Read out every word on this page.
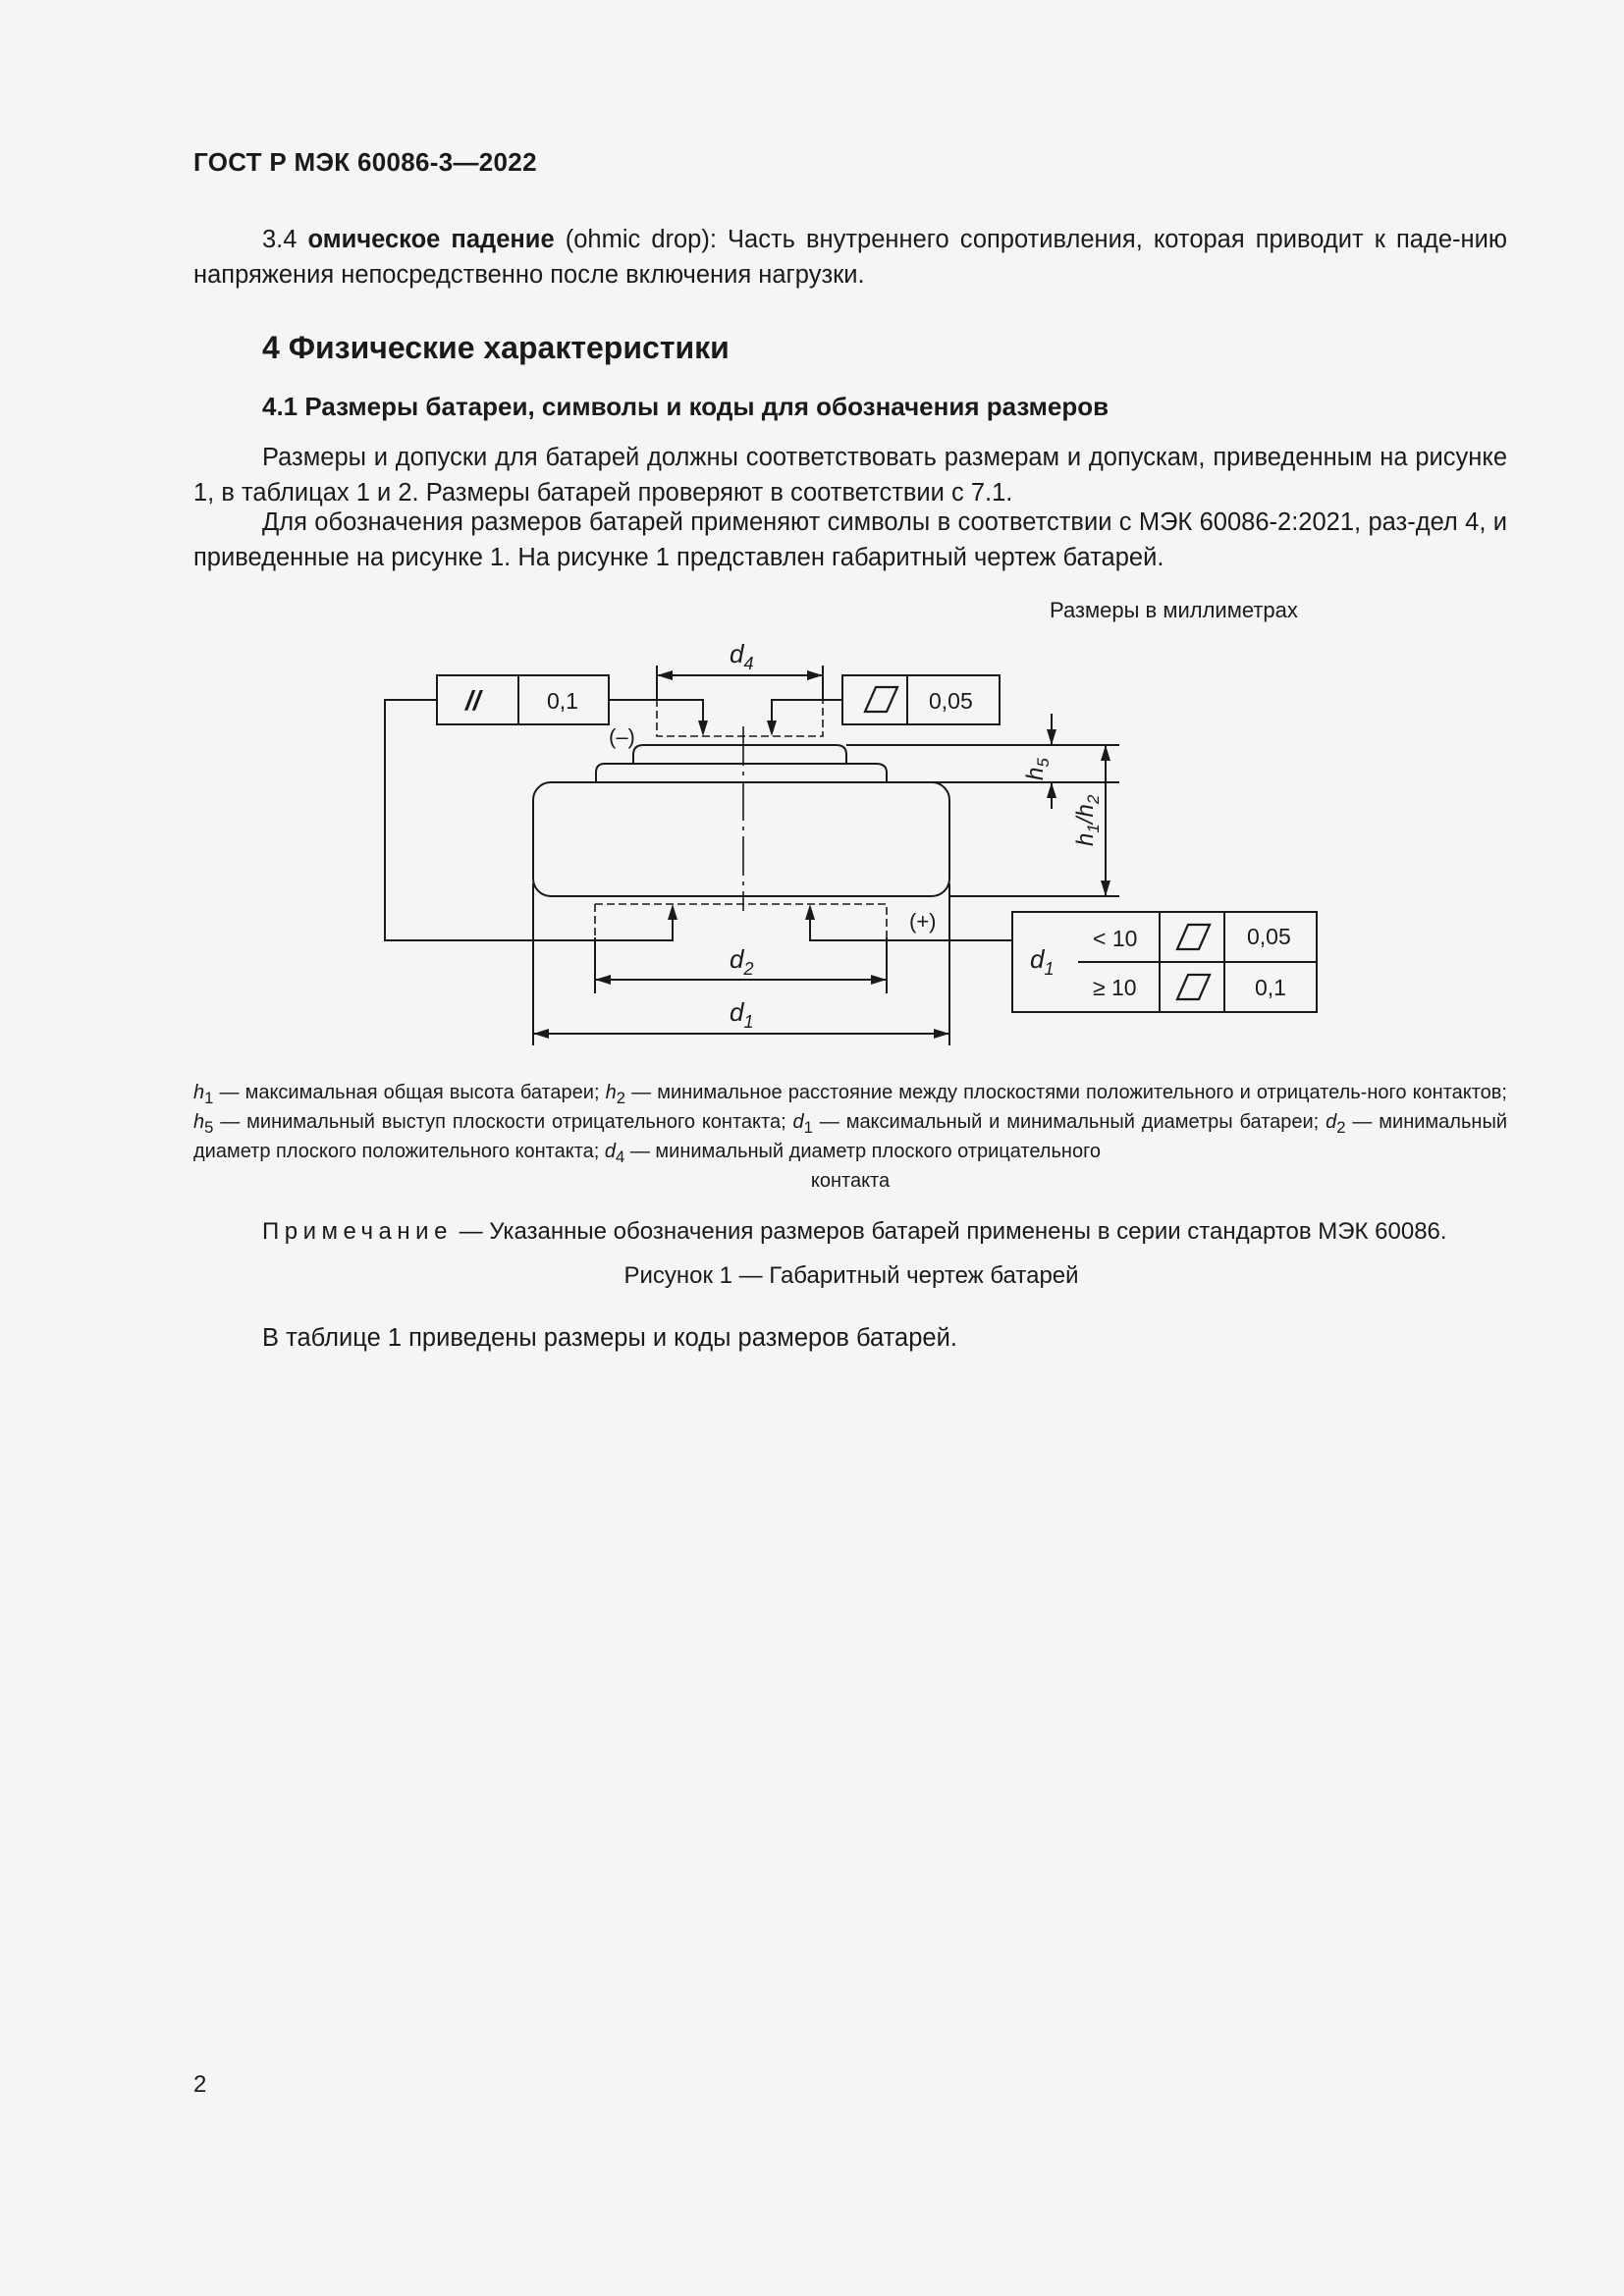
ГОСТ Р МЭК 60086-3—2022
3.4 омическое падение (ohmic drop): Часть внутреннего сопротивления, которая приводит к паде-нию напряжения непосредственно после включения нагрузки.
4 Физические характеристики
4.1 Размеры батареи, символы и коды для обозначения размеров
Размеры и допуски для батарей должны соответствовать размерам и допускам, приведенным на рисунке 1, в таблицах 1 и 2. Размеры батарей проверяют в соответствии с 7.1.
Для обозначения размеров батарей применяют символы в соответствии с МЭК 60086-2:2021, раз-дел 4, и приведенные на рисунке 1. На рисунке 1 представлен габаритный чертеж батарей.
Размеры в миллиметрах
//	0,1	0,05
$d_4$
$d_2$
$d_1$
(–)
(+)
$h_5$
$h_1/h_2$
$d_1$
< 10	0,05
≥ 10	0,1
$h_1$ — максимальная общая высота батареи; $h_2$ — минимальное расстояние между плоскостями положительного и отрицатель-ного контактов; $h_5$ — минимальный выступ плоскости отрицательного контакта; $d_1$ — максимальный и минимальный диаметры батареи; $d_2$ — минимальный диаметр плоского положительного контакта; $d_4$ — минимальный диаметр плоского отрицательного
контакта
Примечание — Указанные обозначения размеров батарей применены в серии стандартов МЭК 60086.
Рисунок 1 — Габаритный чертеж батарей
В таблице 1 приведены размеры и коды размеров батарей.
2
